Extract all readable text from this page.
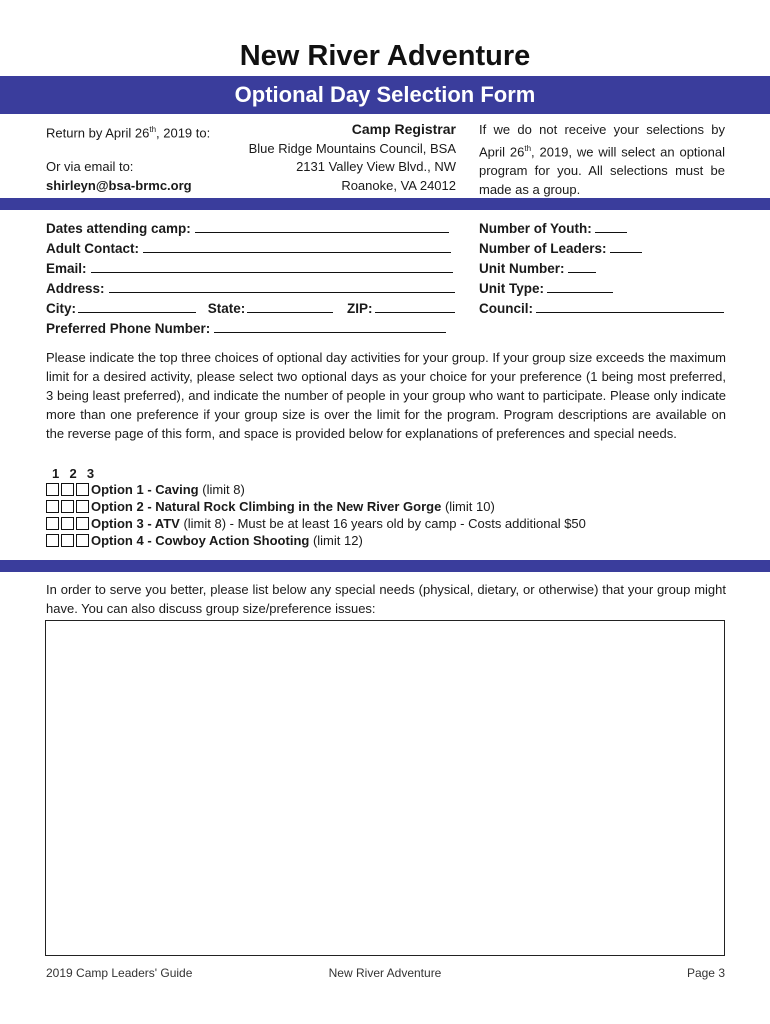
New River Adventure
Optional Day Selection Form
Return by April 26th, 2019 to:
Or via email to:
shirleyn@bsa-brmc.org
Camp Registrar
Blue Ridge Mountains Council, BSA
2131 Valley View Blvd., NW
Roanoke, VA 24012
If we do not receive your selections by April 26th, 2019, we will select an optional program for you. All selections must be made as a group.
Dates attending camp:
Adult Contact:
Email:
Address:
City:	State:	ZIP:
Preferred Phone Number:
Number of Youth:
Number of Leaders:
Unit Number:
Unit Type:
Council:
Please indicate the top three choices of optional day activities for your group. If your group size exceeds the maximum limit for a desired activity, please select two optional days as your choice for your preference (1 being most preferred, 3 being least preferred), and indicate the number of people in your group who want to participate. Please only indicate more than one preference if your group size is over the limit for the program. Program descriptions are available on the reverse page of this form, and space is provided below for explanations of preferences and special needs.
1  2  3
Option 1 - Caving (limit 8)
Option 2 - Natural Rock Climbing in the New River Gorge (limit 10)
Option 3 - ATV (limit 8) - Must be at least 16 years old by camp - Costs additional $50
Option 4 - Cowboy Action Shooting (limit 12)
In order to serve you better, please list below any special needs (physical, dietary, or otherwise) that your group might have. You can also discuss group size/preference issues:
2019 Camp Leaders' Guide	New River Adventure	Page 3
